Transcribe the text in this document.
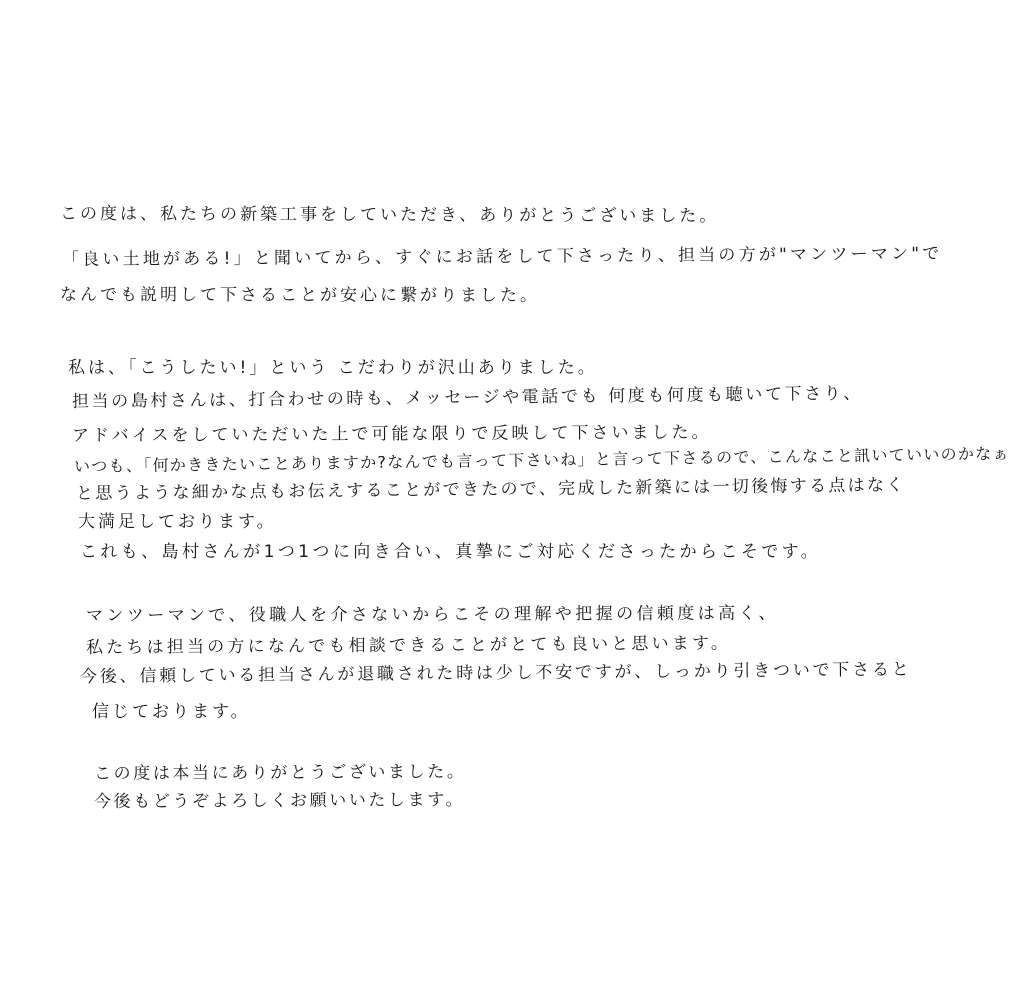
この度は、私たちの新築工事をしていただき、ありがとうございました。
「良い土地がある!」と聞いてから、すぐにお話をして下さったり、担当の方が"マンツーマン"で
なんでも説明して下さることが安心に繋がりました。
私は、「こうしたい!」という こだわりが沢山ありました。
担当の島村さんは、打合わせの時も、メッセージや電話でも 何度も何度も聴いて下さり、
アドバイスをしていただいた上で可能な限りで反映して下さいました。
いつも、「何かききたいことありますか?なんでも言って下さいね」と言って下さるので、こんなこと訊いていいのかなぁ
と思うような細かな点もお伝えすることができたので、完成した新築には一切後悔する点はなく
大満足しております。
これも、島村さんが1つ1つに向き合い、真摯にご対応くださったからこそです。
マンツーマンで、役職人を介さないからこその理解や把握の信頼度は高く、
私たちは担当の方になんでも相談できることがとても良いと思います。
今後、信頼している担当さんが退職された時は少し不安ですが、しっかり引きついで下さると
信じております。
この度は本当にありがとうございました。
今後もどうぞよろしくお願いいたします。
